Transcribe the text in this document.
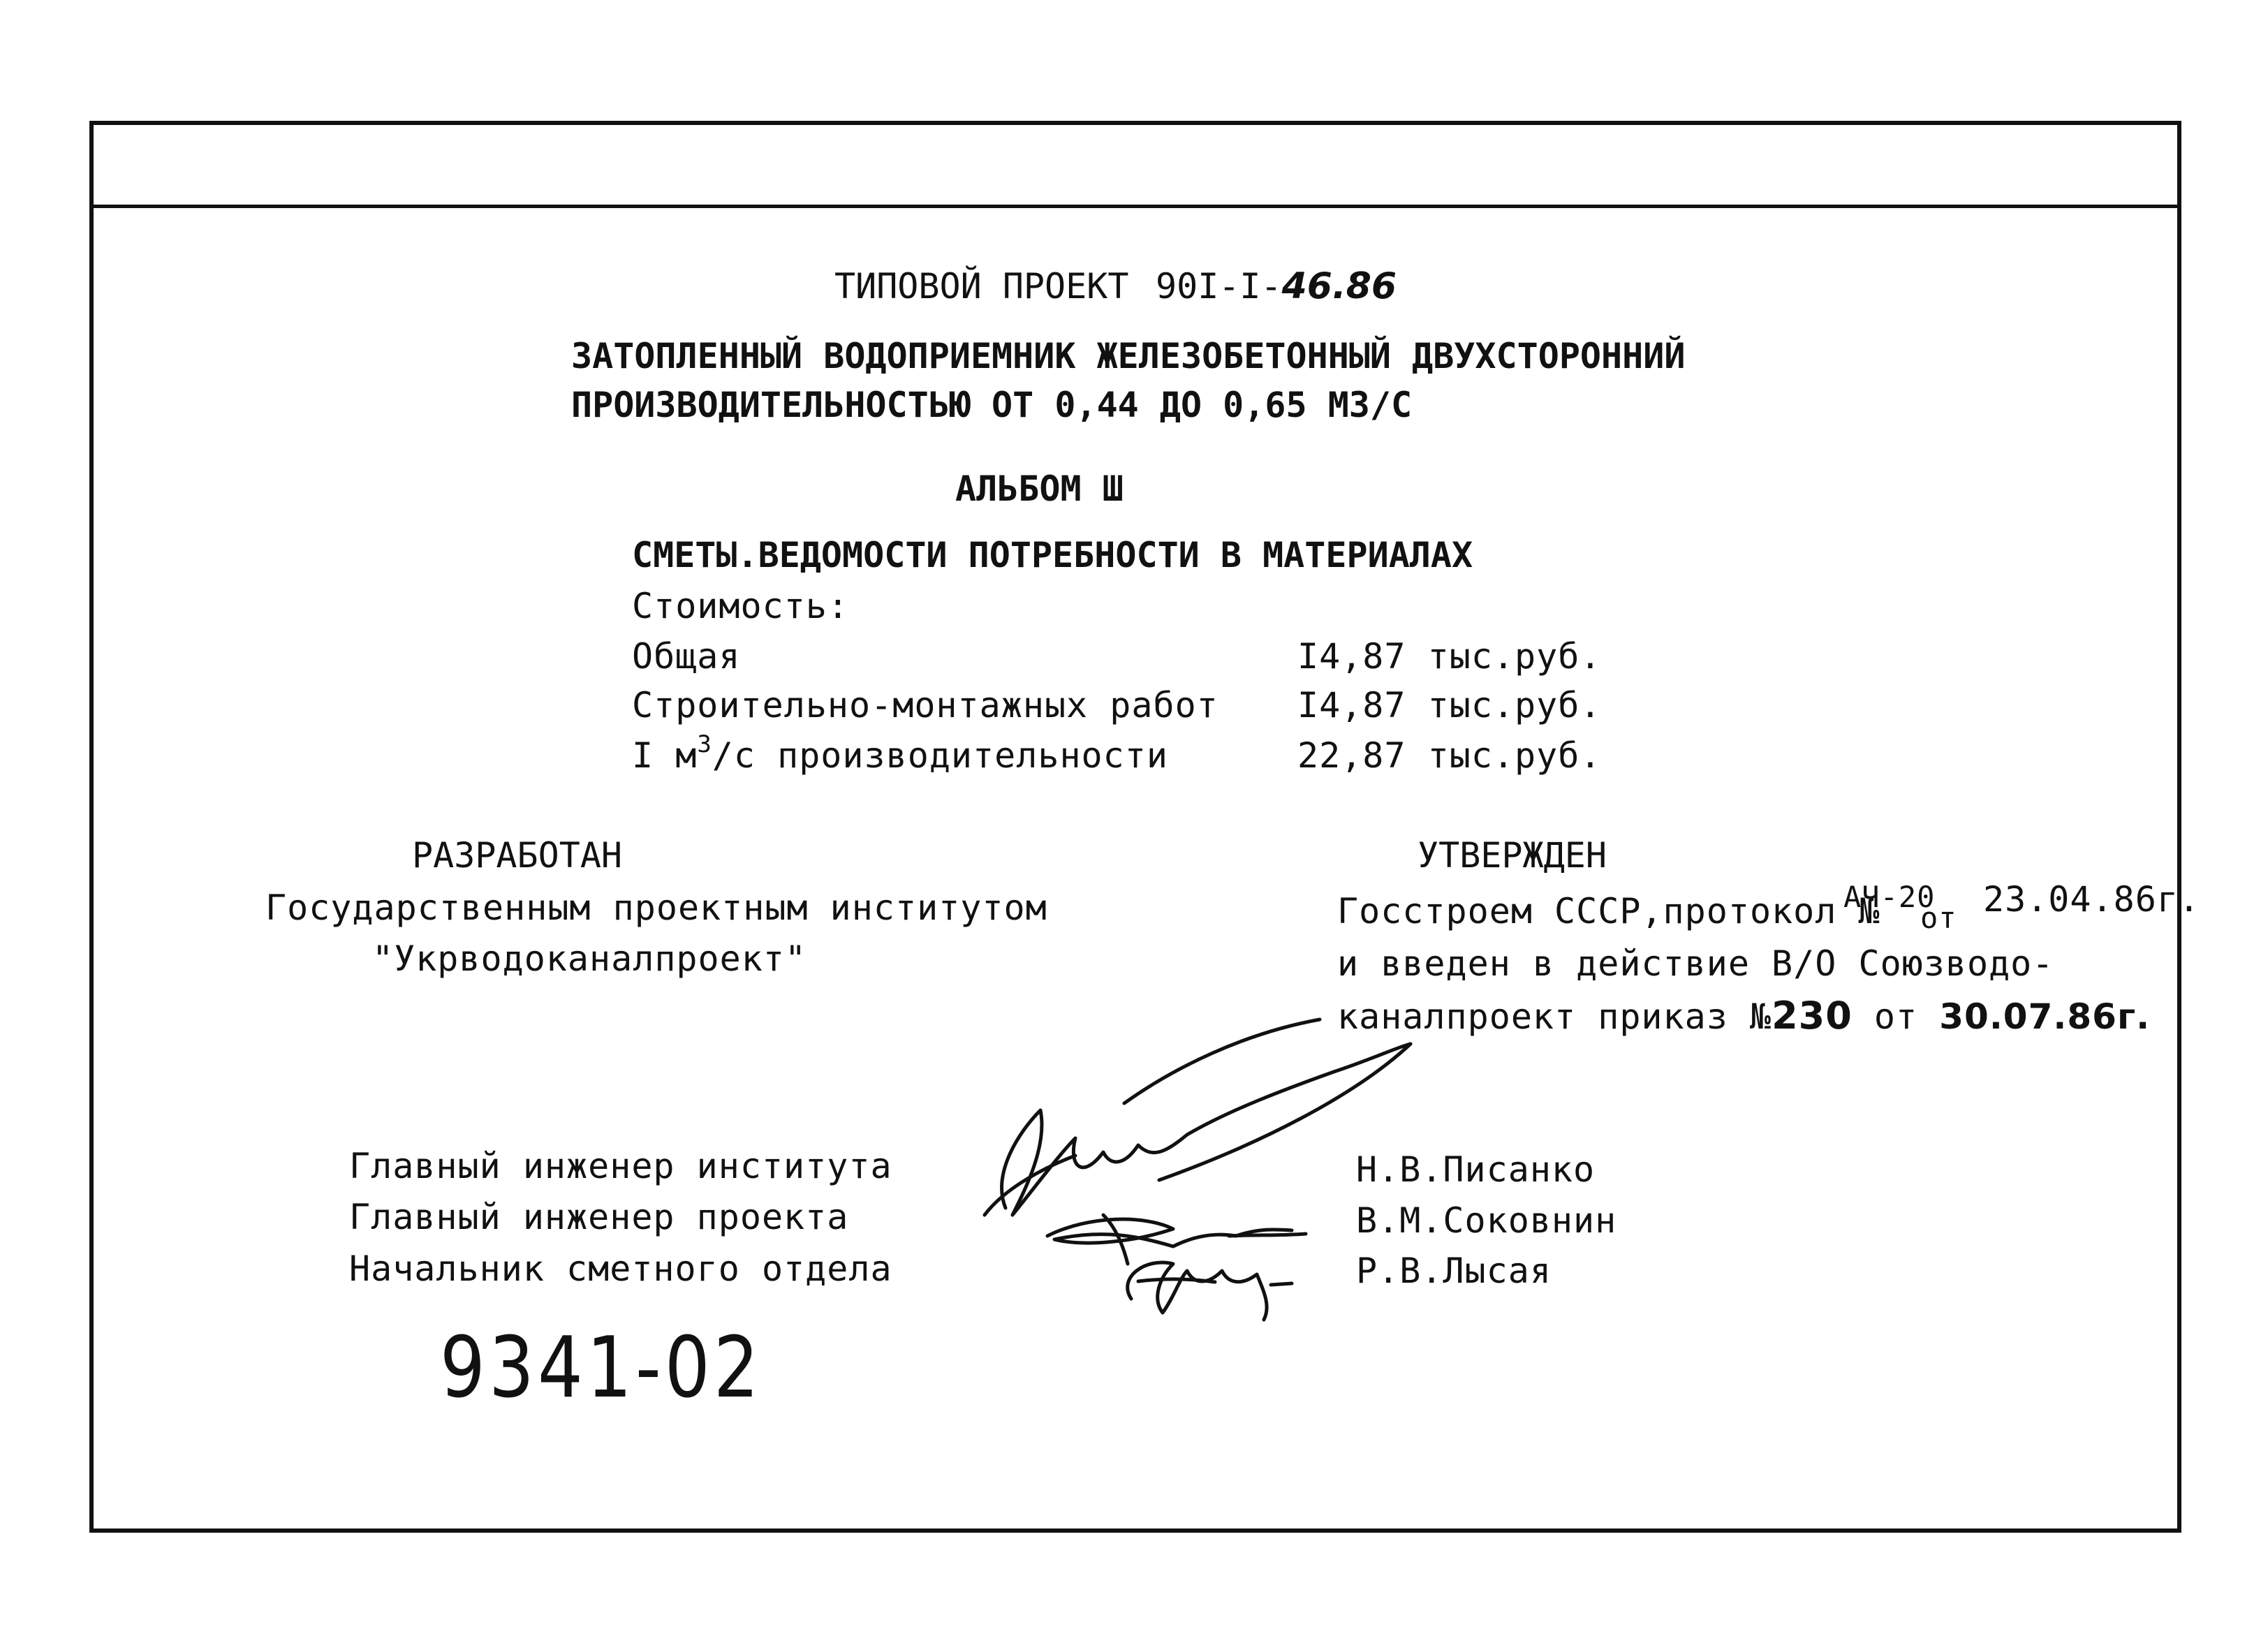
ТИПОВОЙ ПРОЕКТ 90I-I-46.86
ЗАТОПЛЕННЫЙ ВОДОПРИЕМНИК ЖЕЛЕЗОБЕТОННЫЙ ДВУХСТОРОННИЙ
ПРОИЗВОДИТЕЛЬНОСТЬЮ ОТ 0,44 ДО 0,65 М3/С
АЛЬБОМ Ш
СМЕТЫ.ВЕДОМОСТИ ПОТРЕБНОСТИ В МАТЕРИАЛАХ
Стоимость:
Общая	I4,87 тыс.руб.
Строительно-монтажных работ I4,87 тыс.руб.
I $м^3/с$ производительности	22,87 тыс.руб.
РАЗРАБОТАН
Государственным проектным институтом
"Укрводоканалпроект"
УТВЕРЖДЕН
Госстроем СССР,протокол №
АЧ-20
от 23.04.86г.
и введен в действие В/О Союзводо-
каналпроект приказ №230 от 30.07.86г.
Главный инженер института	Н.В.Писанко
Главный инженер проекта	В.М.Соковнин
Начальник сметного отдела	Р.В.Лысая
9341-02
